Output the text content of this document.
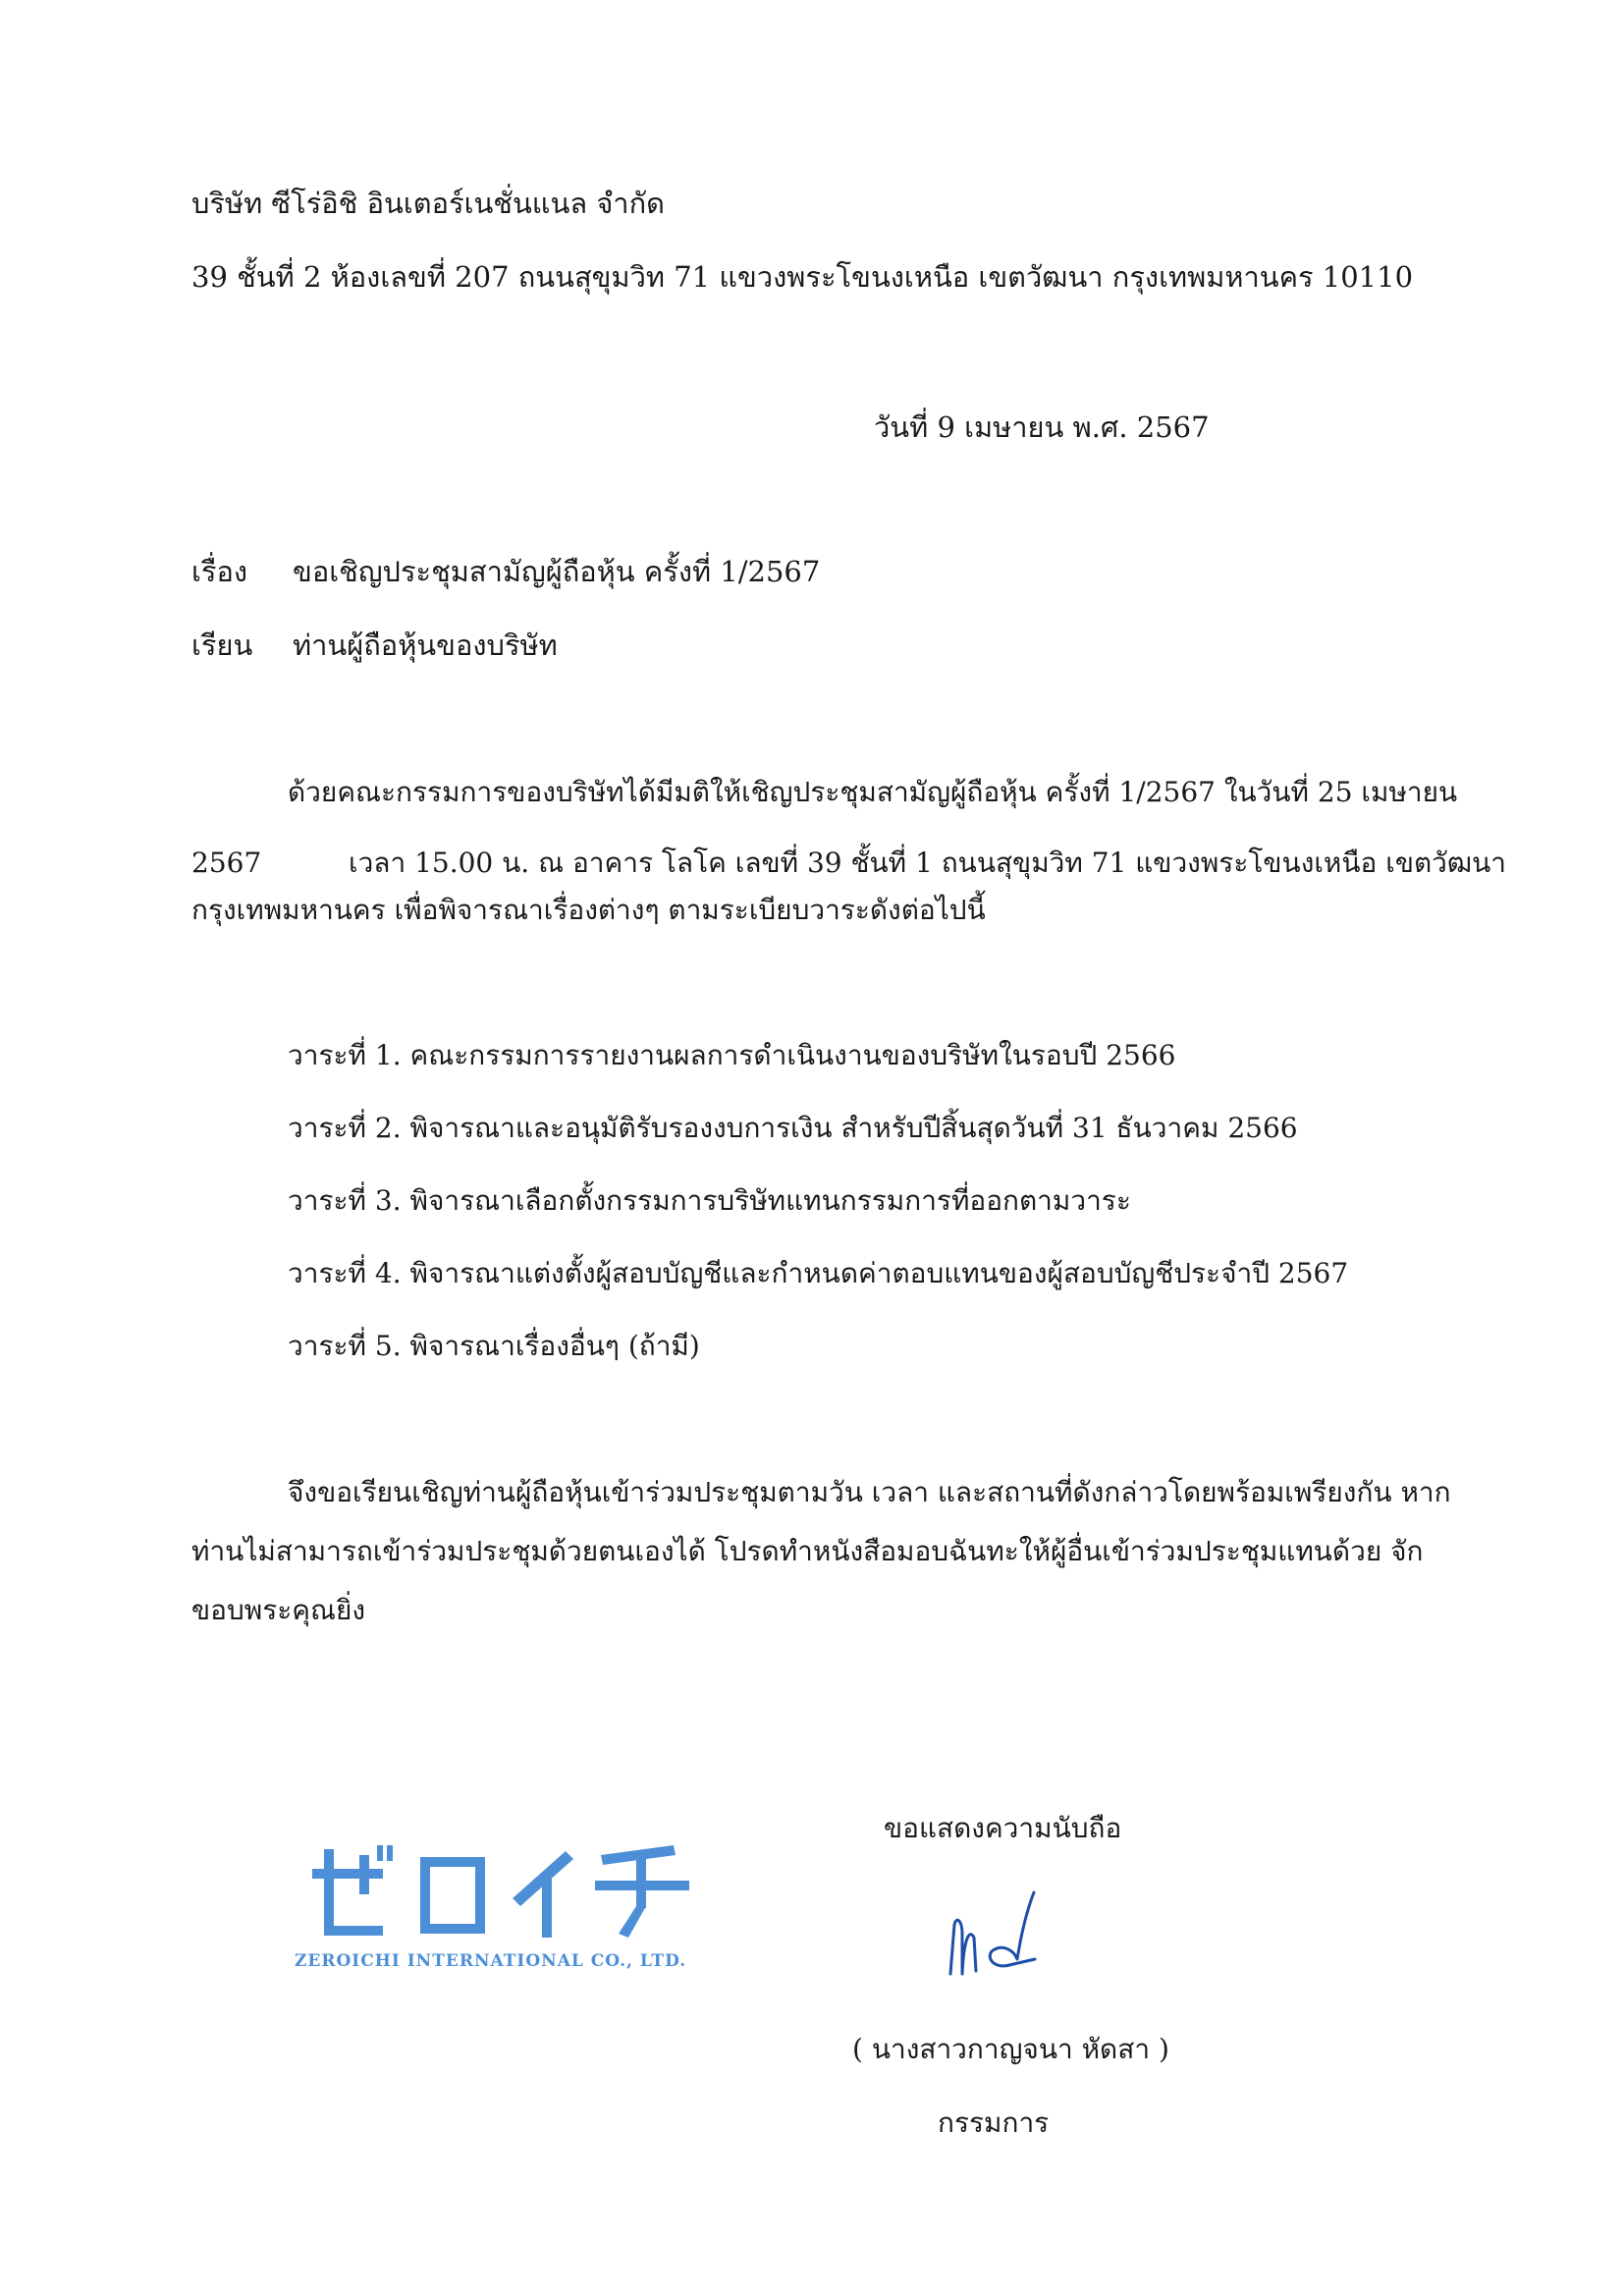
บริษัท ซีโร่อิชิ อินเตอร์เนชั่นแนล จำกัด
39 ชั้นที่ 2 ห้องเลขที่ 207 ถนนสุขุมวิท 71 แขวงพระโขนงเหนือ เขตวัฒนา กรุงเทพมหานคร 10110
วันที่ 9 เมษายน พ.ศ. 2567
เรื่อง ขอเชิญประชุมสามัญผู้ถือหุ้น ครั้งที่ 1/2567
เรียน ท่านผู้ถือหุ้นของบริษัท
ด้วยคณะกรรมการของบริษัทได้มีมติให้เชิญประชุมสามัญผู้ถือหุ้น ครั้งที่ 1/2567 ในวันที่ 25 เมษายน
2567	เวลา 15.00 น. ณ อาคาร โลโค เลขที่ 39 ชั้นที่ 1 ถนนสุขุมวิท 71 แขวงพระโขนงเหนือ เขตวัฒนา
กรุงเทพมหานคร เพื่อพิจารณาเรื่องต่างๆ ตามระเบียบวาระดังต่อไปนี้
วาระที่ 1. คณะกรรมการรายงานผลการดำเนินงานของบริษัทในรอบปี 2566
วาระที่ 2. พิจารณาและอนุมัติรับรองงบการเงิน สำหรับปีสิ้นสุดวันที่ 31 ธันวาคม 2566
วาระที่ 3. พิจารณาเลือกตั้งกรรมการบริษัทแทนกรรมการที่ออกตามวาระ
วาระที่ 4. พิจารณาแต่งตั้งผู้สอบบัญชีและกำหนดค่าตอบแทนของผู้สอบบัญชีประจำปี 2567
วาระที่ 5. พิจารณาเรื่องอื่นๆ (ถ้ามี)
จึงขอเรียนเชิญท่านผู้ถือหุ้นเข้าร่วมประชุมตามวัน เวลา และสถานที่ดังกล่าวโดยพร้อมเพรียงกัน หาก
ท่านไม่สามารถเข้าร่วมประชุมด้วยตนเองได้ โปรดทำหนังสือมอบฉันทะให้ผู้อื่นเข้าร่วมประชุมแทนด้วย จัก
ขอบพระคุณยิ่ง
ขอแสดงความนับถือ
ZEROICHI INTERNATIONAL CO., LTD.
( นางสาวกาญจนา หัดสา )
กรรมการ
